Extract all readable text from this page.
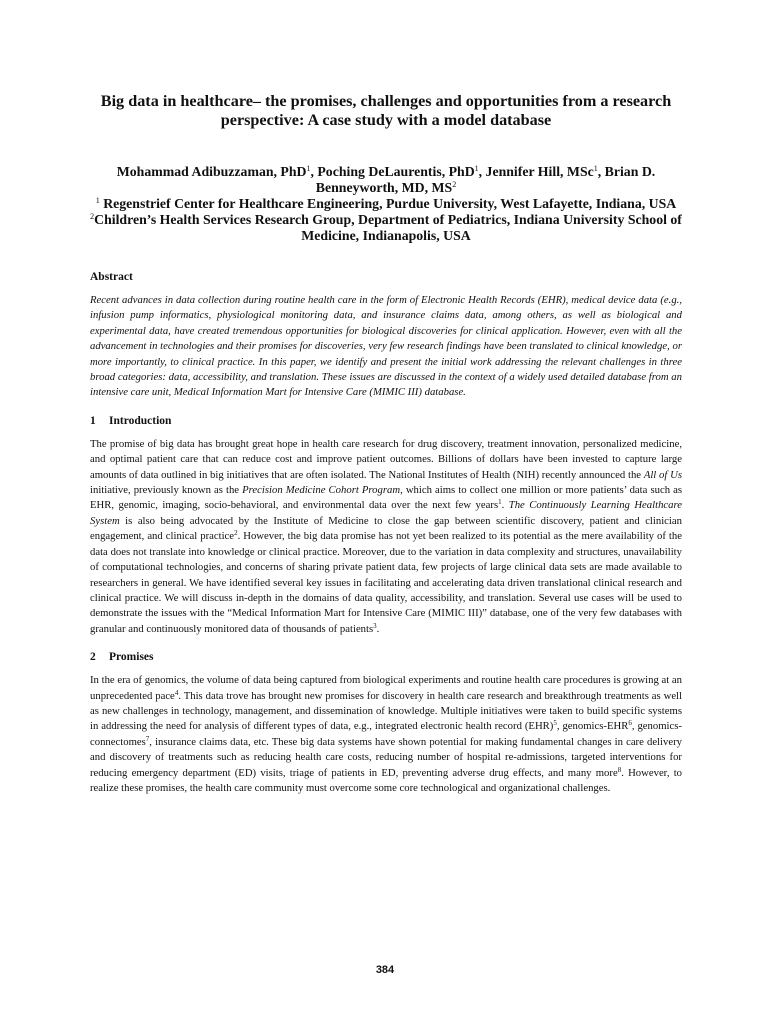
Big data in healthcare– the promises, challenges and opportunities from a research perspective: A case study with a model database

Mohammad Adibuzzaman, PhD$^1$, Poching DeLaurentis, PhD$^1$, Jennifer Hill, MSc$^1$, Brian D. Benneyworth, MD, $MS^2$

$^1$ Regenstrief Center for Healthcare Engineering, Purdue University, West Lafayette, Indiana, USA

$^2$Children’s Health Services Research Group, Department of Pediatrics, Indiana University School of Medicine, Indianapolis, USA

Abstract

Recent advances in data collection during routine health care in the form of Electronic Health Records (EHR), medical device data (e.g., infusion pump informatics, physiological monitoring data, and insurance claims data, among others, as well as biological and experimental data, have created tremendous opportunities for biological discoveries for clinical application. However, even with all the advancement in technologies and their promises for discoveries, very few research findings have been translated to clinical knowledge, or more importantly, to clinical practice. In this paper, we identify and present the initial work addressing the relevant challenges in three broad categories: data, accessibility, and translation. These issues are discussed in the context of a widely used detailed database from an intensive care unit, Medical Information Mart for Intensive Care (MIMIC III) database.

1 Introduction

The promise of big data has brought great hope in health care research for drug discovery, treatment innovation, personalized medicine, and optimal patient care that can reduce cost and improve patient outcomes. Billions of dollars have been invested to capture large amounts of data outlined in big initiatives that are often isolated. The National Institutes of Health (NIH) recently announced the All of Us initiative, previously known as the Precision Medicine Cohort Program, which aims to collect one million or more patients’ data such as EHR, genomic, imaging, socio-behavioral, and environmental data over the next few years$^1$. The Continuously Learning Healthcare System is also being advocated by the Institute of Medicine to close the gap between scientific discovery, patient and clinician engagement, and clinical practice$^2$. However, the big data promise has not yet been realized to its potential as the mere availability of the data does not translate into knowledge or clinical practice. Moreover, due to the variation in data complexity and structures, unavailability of computational technologies, and concerns of sharing private patient data, few projects of large clinical data sets are made available to researchers in general. We have identified several key issues in facilitating and accelerating data driven translational clinical research and clinical practice. We will discuss in-depth in the domains of data quality, accessibility, and translation. Several use cases will be used to demonstrate the issues with the “Medical Information Mart for Intensive Care (MIMIC III)” database, one of the very few databases with granular and continuously monitored data of thousands of patients$^3$.

2 Promises

In the era of genomics, the volume of data being captured from biological experiments and routine health care procedures is growing at an unprecedented pace$^4$. This data trove has brought new promises for discovery in health care research and breakthrough treatments as well as new challenges in technology, management, and dissemination of knowledge. Multiple initiatives were taken to build specific systems in addressing the need for analysis of different types of data, e.g., integrated electronic health record (EHR)$^5$, genomics-EHR$^6$, genomics-connectomes$^7$, insurance claims data, etc. These big data systems have shown potential for making fundamental changes in care delivery and discovery of treatments such as reducing health care costs, reducing number of hospital re-admissions, targeted interventions for reducing emergency department (ED) visits, triage of patients in ED, preventing adverse drug effects, and many more$^8$. However, to realize these promises, the health care community must overcome some core technological and organizational challenges.

384
